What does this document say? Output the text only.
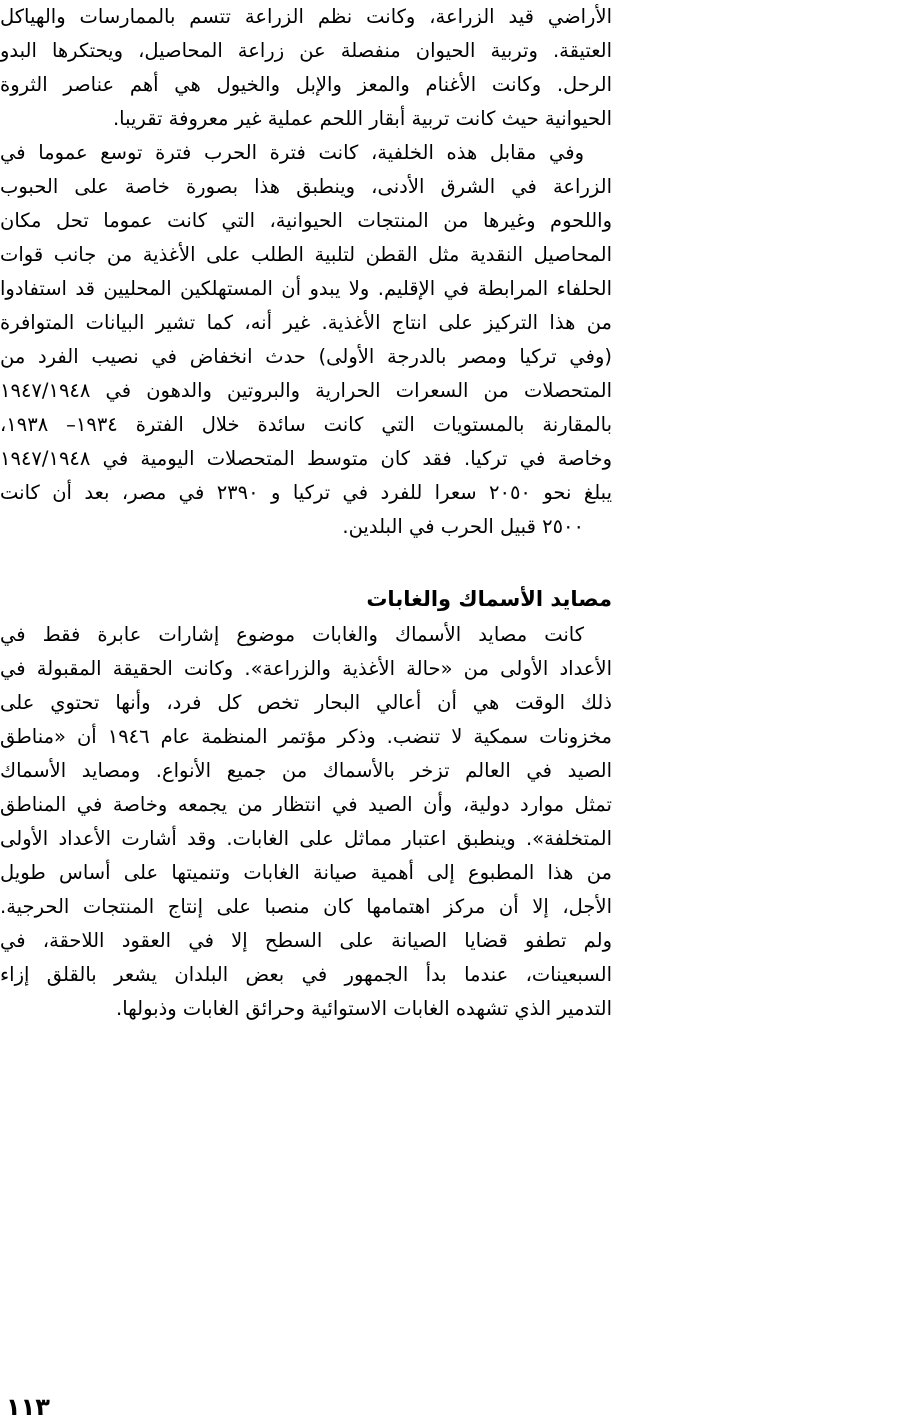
الأراضي قيد الزراعة، وكانت نظم الزراعة تتسم بالممارسات والهياكل
العتيقة. وتربية الحيوان منفصلة عن زراعة المحاصيل، ويحتكرها البدو
الرحل. وكانت الأغنام والمعز والإبل والخيول هي أهم عناصر الثروة
الحيوانية حيث كانت تربية أبقار اللحم عملية غير معروفة تقريبا.
وفي مقابل هذه الخلفية، كانت فترة الحرب فترة توسع عموما في
الزراعة في الشرق الأدنى، وينطبق هذا بصورة خاصة على الحبوب
واللحوم وغيرها من المنتجات الحيوانية، التي كانت عموما تحل مكان
المحاصيل النقدية مثل القطن لتلبية الطلب على الأغذية من جانب قوات
الحلفاء المرابطة في الإقليم. ولا يبدو أن المستهلكين المحليين قد استفادوا
من هذا التركيز على انتاج الأغذية. غير أنه، كما تشير البيانات المتوافرة
(وفي تركيا ومصر بالدرجة الأولى) حدث انخفاض في نصيب الفرد من
المتحصلات من السعرات الحرارية والبروتين والدهون في ١٩٤٧/١٩٤٨
بالمقارنة بالمستويات التي كانت سائدة خلال الفترة ١٩٣٤– ١٩٣٨،
وخاصة في تركيا. فقد كان متوسط المتحصلات اليومية في ١٩٤٧/١٩٤٨
يبلغ نحو ٢٠٥٠ سعرا للفرد في تركيا و ٢٣٩٠ في مصر، بعد أن كانت
٢٥٠٠ قبيل الحرب في البلدين.
مصايد الأسماك والغابات
كانت مصايد الأسماك والغابات موضوع إشارات عابرة فقط في
الأعداد الأولى من «حالة الأغذية والزراعة». وكانت الحقيقة المقبولة في
ذلك الوقت هي أن أعالي البحار تخص كل فرد، وأنها تحتوي على
مخزونات سمكية لا تنضب. وذكر مؤتمر المنظمة عام ١٩٤٦ أن «مناطق
الصيد في العالم تزخر بالأسماك من جميع الأنواع. ومصايد الأسماك
تمثل موارد دولية، وأن الصيد في انتظار من يجمعه وخاصة في المناطق
المتخلفة». وينطبق اعتبار مماثل على الغابات. وقد أشارت الأعداد الأولى
من هذا المطبوع إلى أهمية صيانة الغابات وتنميتها على أساس طويل
الأجل، إلا أن مركز اهتمامها كان منصبا على إنتاج المنتجات الحرجية.
ولم تطفو قضايا الصيانة على السطح إلا في العقود اللاحقة، في
السبعينات، عندما بدأ الجمهور في بعض البلدان يشعر بالقلق إزاء
التدمير الذي تشهده الغابات الاستوائية وحرائق الغابات وذبولها.
١١٣
